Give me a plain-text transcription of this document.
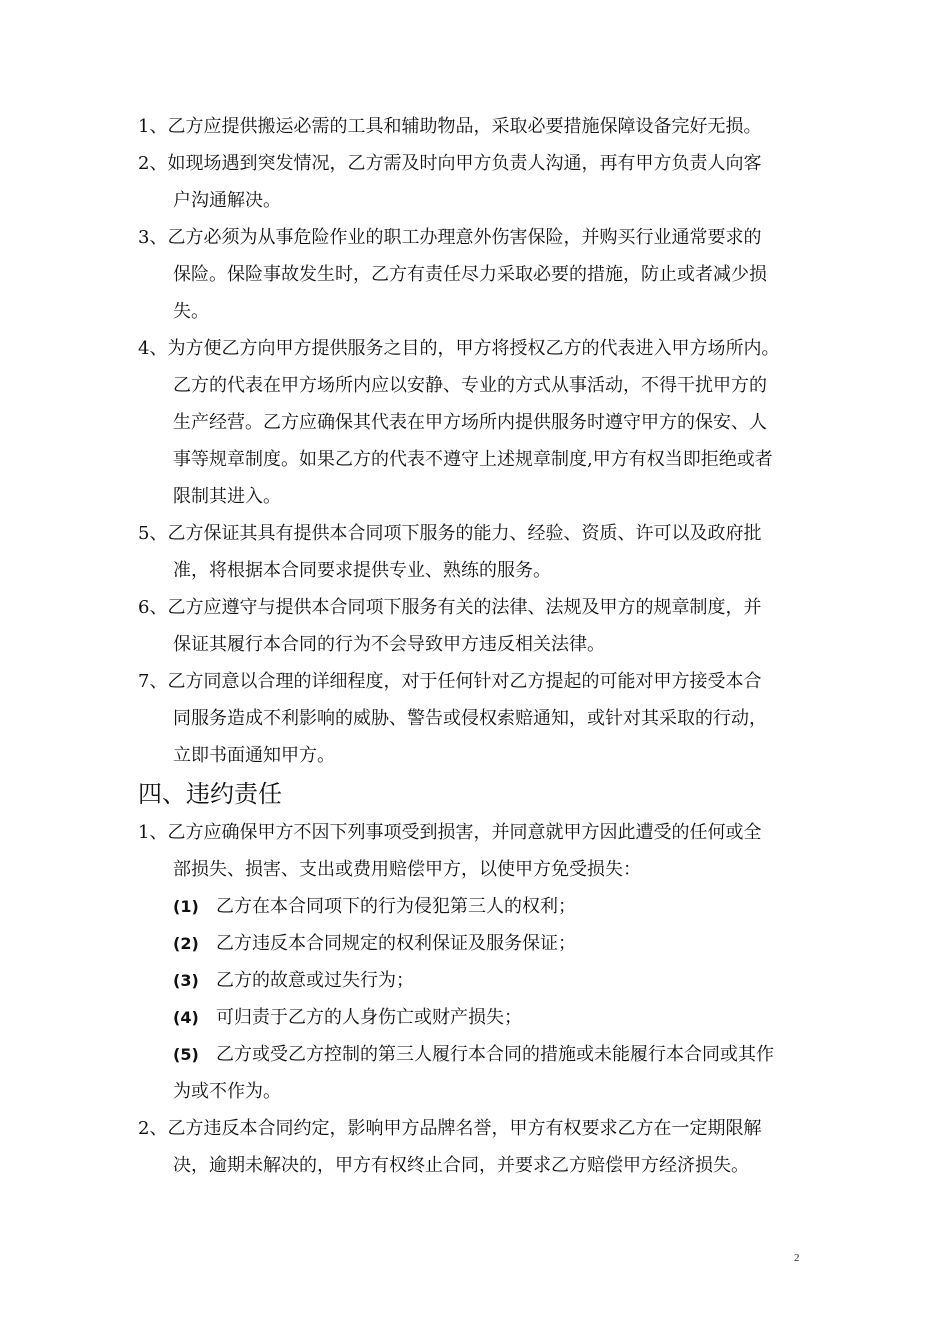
1、乙方应提供搬运必需的工具和辅助物品，采取必要措施保障设备完好无损。
2、如现场遇到突发情况，乙方需及时向甲方负责人沟通，再有甲方负责人向客
户沟通解决。
3、乙方必须为从事危险作业的职工办理意外伤害保险，并购买行业通常要求的
保险。保险事故发生时，乙方有责任尽力采取必要的措施，防止或者减少损
失。
4、为方便乙方向甲方提供服务之目的，甲方将授权乙方的代表进入甲方场所内。
乙方的代表在甲方场所内应以安静、专业的方式从事活动，不得干扰甲方的
生产经营。乙方应确保其代表在甲方场所内提供服务时遵守甲方的保安、人
事等规章制度。如果乙方的代表不遵守上述规章制度,甲方有权当即拒绝或者
限制其进入。
5、乙方保证其具有提供本合同项下服务的能力、经验、资质、许可以及政府批
准，将根据本合同要求提供专业、熟练的服务。
6、乙方应遵守与提供本合同项下服务有关的法律、法规及甲方的规章制度，并
保证其履行本合同的行为不会导致甲方违反相关法律。
7、乙方同意以合理的详细程度，对于任何针对乙方提起的可能对甲方接受本合
同服务造成不利影响的威胁、警告或侵权索赔通知，或针对其采取的行动，
立即书面通知甲方。
四、违约责任
1、乙方应确保甲方不因下列事项受到损害，并同意就甲方因此遭受的任何或全
部损失、损害、支出或费用赔偿甲方，以使甲方免受损失：
(1) 乙方在本合同项下的行为侵犯第三人的权利；
(2) 乙方违反本合同规定的权利保证及服务保证；
(3) 乙方的故意或过失行为；
(4) 可归责于乙方的人身伤亡或财产损失；
(5) 乙方或受乙方控制的第三人履行本合同的措施或未能履行本合同或其作
为或不作为。
2、乙方违反本合同约定，影响甲方品牌名誉，甲方有权要求乙方在一定期限解
决，逾期未解决的，甲方有权终止合同，并要求乙方赔偿甲方经济损失。
2
